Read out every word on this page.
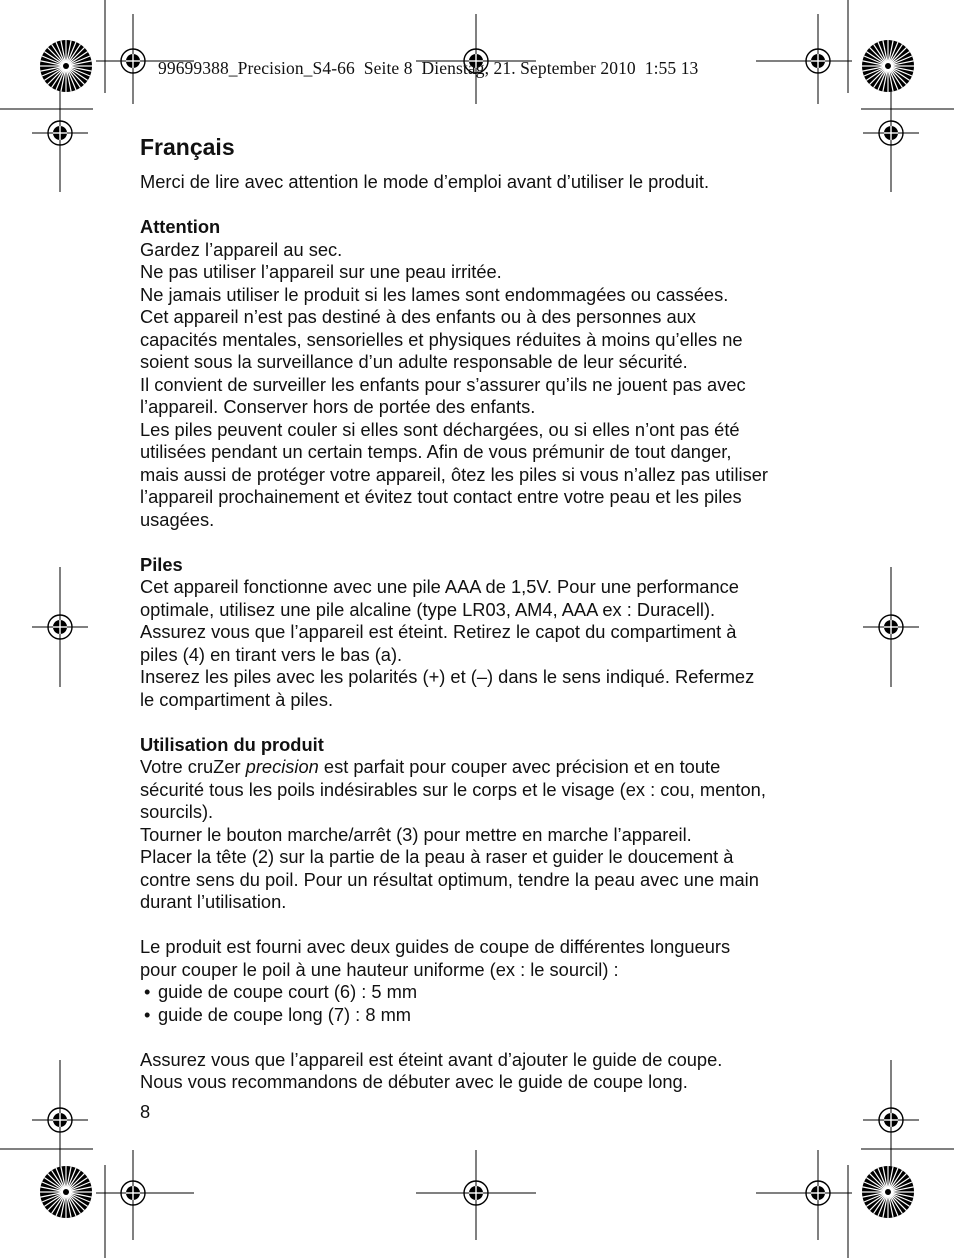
99699388_Precision_S4-66  Seite 8  Dienstag, 21. September 2010  1:55 13
Français

Merci de lire avec attention le mode d’emploi avant d’utiliser le produit.

Attention

Gardez l’appareil au sec.

Ne pas utiliser l’appareil sur une peau irritée.

Ne jamais utiliser le produit si les lames sont endommagées ou cassées.

Cet appareil n’est pas destiné à des enfants ou à des personnes aux

capacités mentales, sensorielles et physiques réduites à moins qu’elles ne

soient sous la surveillance d’un adulte responsable de leur sécurité.

Il convient de surveiller les enfants pour s’assurer qu’ils ne jouent pas avec

l’appareil. Conserver hors de portée des enfants.

Les piles peuvent couler si elles sont déchargées, ou si elles n’ont pas été

utilisées pendant un certain temps. Afin de vous prémunir de tout danger,

mais aussi de protéger votre appareil, ôtez les piles si vous n’allez pas utiliser

l’appareil prochainement et évitez tout contact entre votre peau et les piles

usagées.

Piles

Cet appareil fonctionne avec une pile AAA de 1,5V. Pour une performance

optimale, utilisez une pile alcaline (type LR03, AM4, AAA ex : Duracell).

Assurez vous que l’appareil est éteint. Retirez le capot du compartiment à

piles (4) en tirant vers le bas (a).

Inserez les piles avec les polarités (+) et (–) dans le sens indiqué. Refermez

le compartiment à piles.

Utilisation du produit

Votre cruZer precision est parfait pour couper avec précision et en toute

sécurité tous les poils indésirables sur le corps et le visage (ex : cou, menton,

sourcils).

Tourner le bouton marche/arrêt (3) pour mettre en marche l’appareil.

Placer la tête (2) sur la partie de la peau à raser et guider le doucement à

contre sens du poil. Pour un résultat optimum, tendre la peau avec une main

durant l’utilisation.

Le produit est fourni avec deux guides de coupe de différentes longueurs

pour couper le poil à une hauteur uniforme (ex : le sourcil) :

• guide de coupe court (6) : 5 mm
• guide de coupe long (7) : 8 mm

Assurez vous que l’appareil est éteint avant d’ajouter le guide de coupe.

Nous vous recommandons de débuter avec le guide de coupe long.

8
